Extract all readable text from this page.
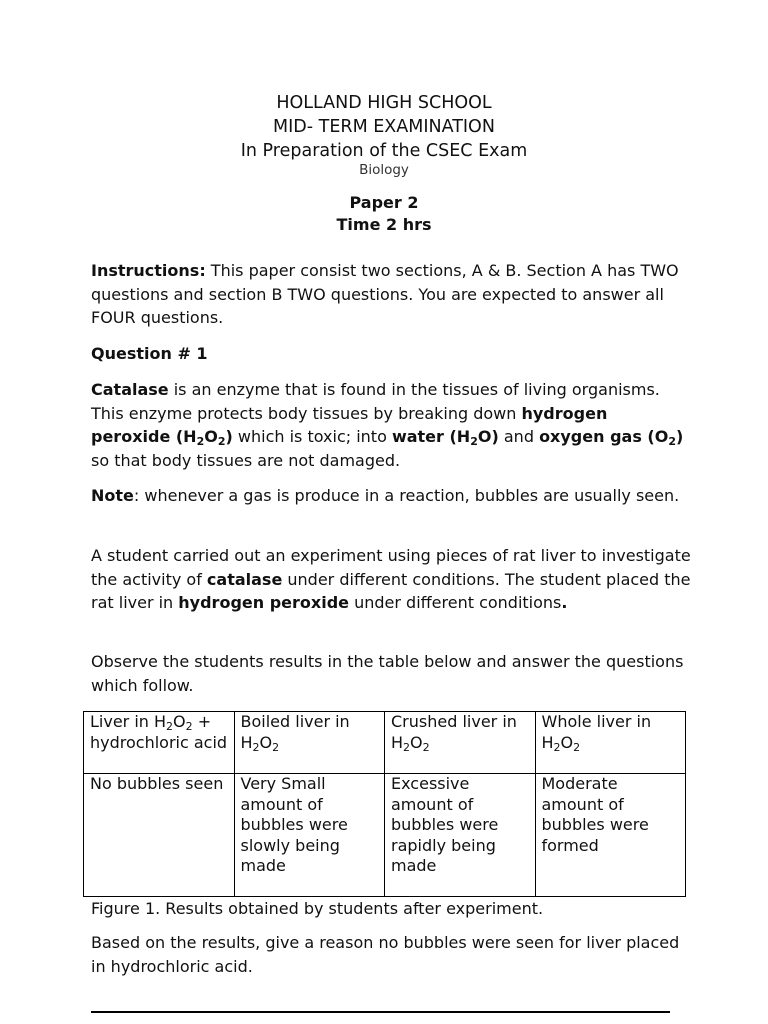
HOLLAND HIGH SCHOOL
MID- TERM EXAMINATION
In Preparation of the CSEC Exam
Biology
Paper 2
Time 2 hrs
Instructions: This paper consist two sections, A & B. Section A has TWO questions and section B TWO questions. You are expected to answer all FOUR questions.
Question # 1
Catalase is an enzyme that is found in the tissues of living organisms. This enzyme protects body tissues by breaking down hydrogen peroxide $(H_2O_2)$ which is toxic; into water $(H_2O)$ and oxygen gas $(O_2)$ so that body tissues are not damaged.
Note: whenever a gas is produce in a reaction, bubbles are usually seen.
A student carried out an experiment using pieces of rat liver to investigate the activity of catalase under different conditions. The student placed the rat liver in hydrogen peroxide under different conditions.
Observe the students results in the table below and answer the questions which follow.
Liver in $H_2O_2$ + hydrochloric acid	Boiled liver in $H_2O_2$	Crushed liver in $H_2O_2$	Whole liver in $H_2O_2$
No bubbles seen	Very Small amount of bubbles were slowly being made	Excessive amount of bubbles were rapidly being made	Moderate amount of bubbles were formed
Figure 1. Results obtained by students after experiment.
Based on the results, give a reason no bubbles were seen for liver placed in hydrochloric acid.
